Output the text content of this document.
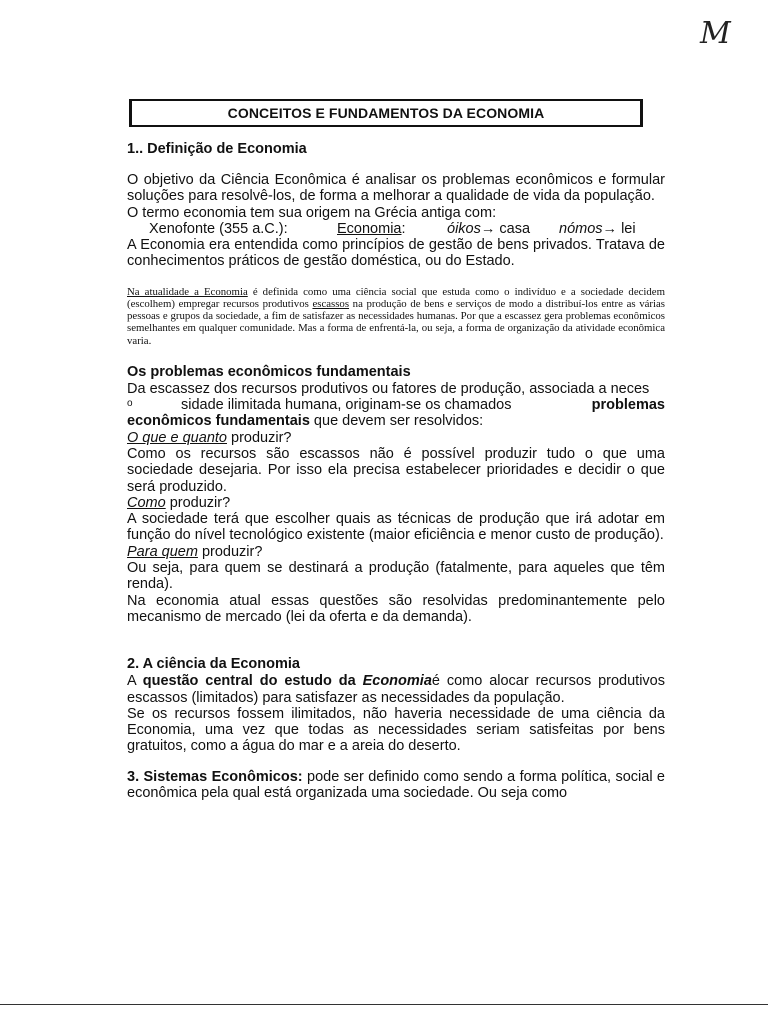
M
CONCEITOS E FUNDAMENTOS DA ECONOMIA

1.. Definição de Economia

O objetivo da Ciência Econômica é analisar os problemas econômicos e formular soluções para resolvê-los, de forma a melhorar a qualidade de vida da população.

O termo economia tem sua origem na Grécia antiga com:

Xenofonte (355 a.C.):	Economia:	óikos→ casa	nómos→ lei

A Economia era entendida como princípios de gestão de bens privados. Tratava de conhecimentos práticos de gestão doméstica, ou do Estado.

Na atualidade a Economia é definida como uma ciência social que estuda como o indivíduo e a sociedade decidem (escolhem) empregar recursos produtivos escassos na produção de bens e serviços de modo a distribuí-los entre as várias pessoas e grupos da sociedade, a fim de satisfazer as necessidades humanas. Por que a escassez gera problemas econômicos semelhantes em qualquer comunidade. Mas a forma de enfrentá-la, ou seja, a forma de organização da atividade econômica varia.

Os problemas econômicos fundamentais

Da escassez dos recursos produtivos ou fatores de produção, associada a neces

o	sidade ilimitada humana, originam-se os chamados	problemas

econômicos fundamentais que devem ser resolvidos:

O que e quanto produzir?

Como os recursos são escassos não é possível produzir tudo o que uma sociedade desejaria. Por isso ela precisa estabelecer prioridades e decidir o que será produzido.

Como produzir?

A sociedade terá que escolher quais as técnicas de produção que irá adotar em função do nível tecnológico existente (maior eficiência e menor custo de produção).

Para quem produzir?

Ou seja, para quem se destinará a produção (fatalmente, para aqueles que têm renda).

Na economia atual essas questões são resolvidas predominantemente pelo mecanismo de mercado (lei da oferta e da demanda).

2. A ciência da Economia

A questão central do estudo da Economiaé como alocar recursos produtivos escassos (limitados) para satisfazer as necessidades da população.

Se os recursos fossem ilimitados, não haveria necessidade de uma ciência da Economia, uma vez que todas as necessidades seriam satisfeitas por bens gratuitos, como a água do mar e a areia do deserto.

3. Sistemas Econômicos: pode ser definido como sendo a forma política, social e econômica pela qual está organizada uma sociedade. Ou seja como
